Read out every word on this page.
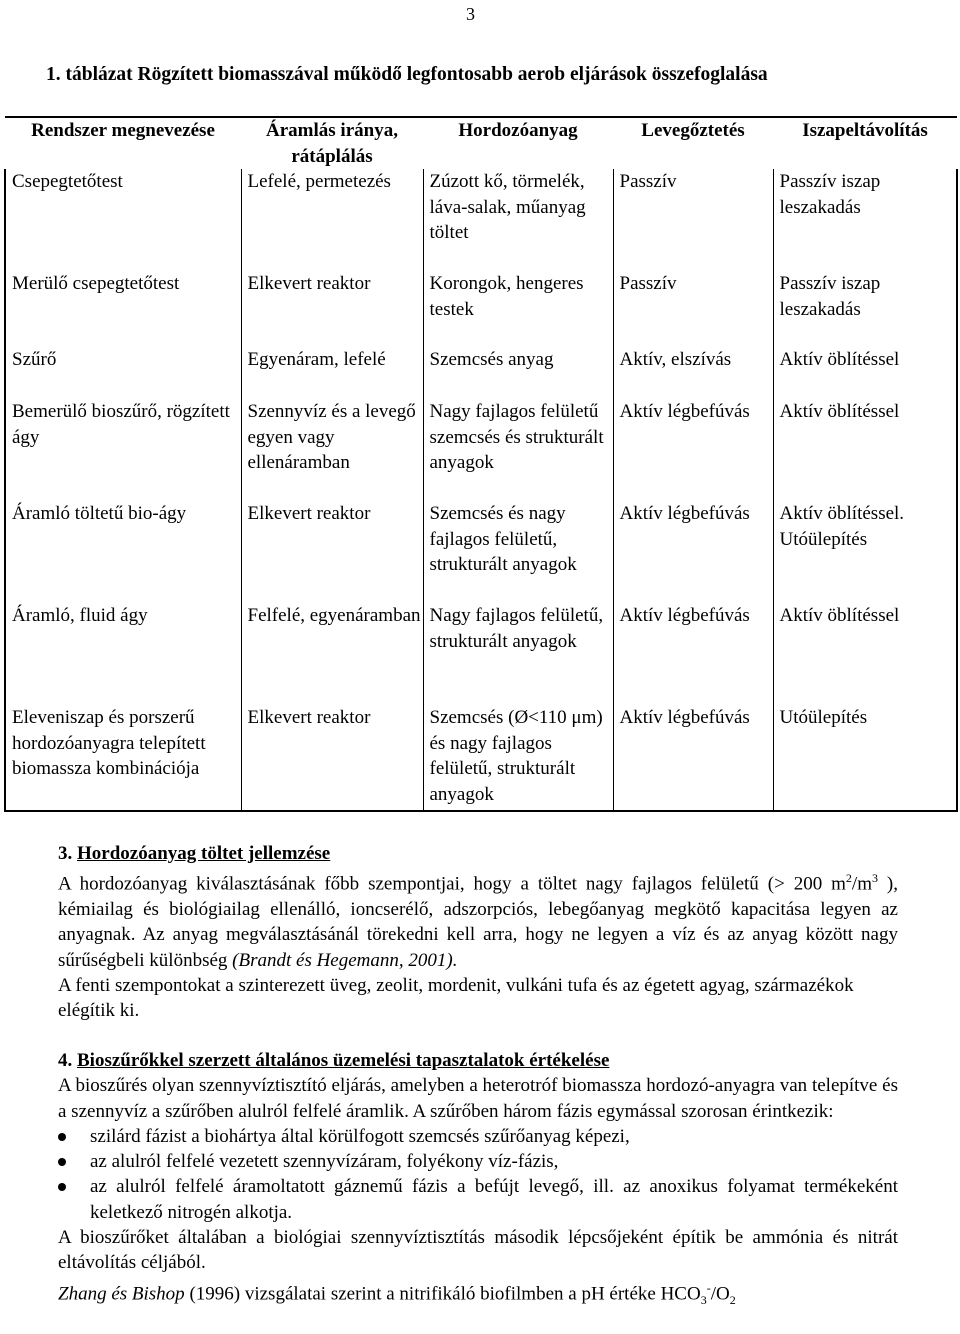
3
1. táblázat Rögzített biomasszával működő legfontosabb aerob eljárások összefoglalása
Rendszer megnevezése	Áramlás iránya, rátáplálás	Hordozóanyag	Levegőztetés	Iszapeltávolítás
Csepegtetőtest	Lefelé, permetezés	Zúzott kő, törmelék, láva-salak, műanyag töltet	Passzív	Passzív iszap leszakadás
Merülő csepegtetőtest	Elkevert reaktor	Korongok, hengeres testek	Passzív	Passzív iszap leszakadás
Szűrő	Egyenáram, lefelé	Szemcsés anyag	Aktív, elszívás	Aktív öblítéssel
Bemerülő bioszűrő, rögzített ágy	Szennyvíz és a levegő egyen vagy ellenáramban	Nagy fajlagos felületű szemcsés és strukturált anyagok	Aktív légbefúvás	Aktív öblítéssel
Áramló töltetű bio-ágy	Elkevert reaktor	Szemcsés és nagy fajlagos felületű, strukturált anyagok	Aktív légbefúvás	Aktív öblítéssel. Utóülepítés
Áramló, fluid ágy	Felfelé, egyenáramban	Nagy fajlagos felületű, strukturált anyagok	Aktív légbefúvás	Aktív öblítéssel
Eleveniszap és porszerű hordozóanyagra telepített biomassza kombinációja	Elkevert reaktor	Szemcsés (Ø<110 μm) és nagy fajlagos felületű, strukturált anyagok	Aktív légbefúvás	Utóülepítés
3. Hordozóanyag töltet jellemzése
A hordozóanyag kiválasztásának főbb szempontjai, hogy a töltet nagy fajlagos felületű (> 200 $m^2/m^3$ ), kémiailag és biológiailag ellenálló, ioncserélő, adszorpciós, lebegőanyag megkötő kapacitása legyen az anyagnak. Az anyag megválasztásánál törekedni kell arra, hogy ne legyen a víz és az anyag között nagy sűrűségbeli különbség (Brandt és Hegemann, 2001).
A fenti szempontokat a szinterezett üveg, zeolit, mordenit, vulkáni tufa és az égetett agyag, származékok elégítik ki.
4. Bioszűrőkkel szerzett általános üzemelési tapasztalatok értékelése
A bioszűrés olyan szennyvíztisztító eljárás, amelyben a heterotróf biomassza hordozó-anyagra van telepítve és a szennyvíz a szűrőben alulról felfelé áramlik. A szűrőben három fázis egymással szorosan érintkezik:
szilárd fázist a biohártya által körülfogott szemcsés szűrőanyag képezi,
az alulról felfelé vezetett szennyvízáram, folyékony víz-fázis,
az alulról felfelé áramoltatott gáznemű fázis a befújt levegő, ill. az anoxikus folyamat termékeként keletkező nitrogén alkotja.
A bioszűrőket általában a biológiai szennyvíztisztítás második lépcsőjeként építik be ammónia és nitrát eltávolítás céljából.
Zhang és Bishop (1996) vizsgálatai szerint a nitrifikáló biofilmben a pH értéke $HCO_3^-/O_2$
